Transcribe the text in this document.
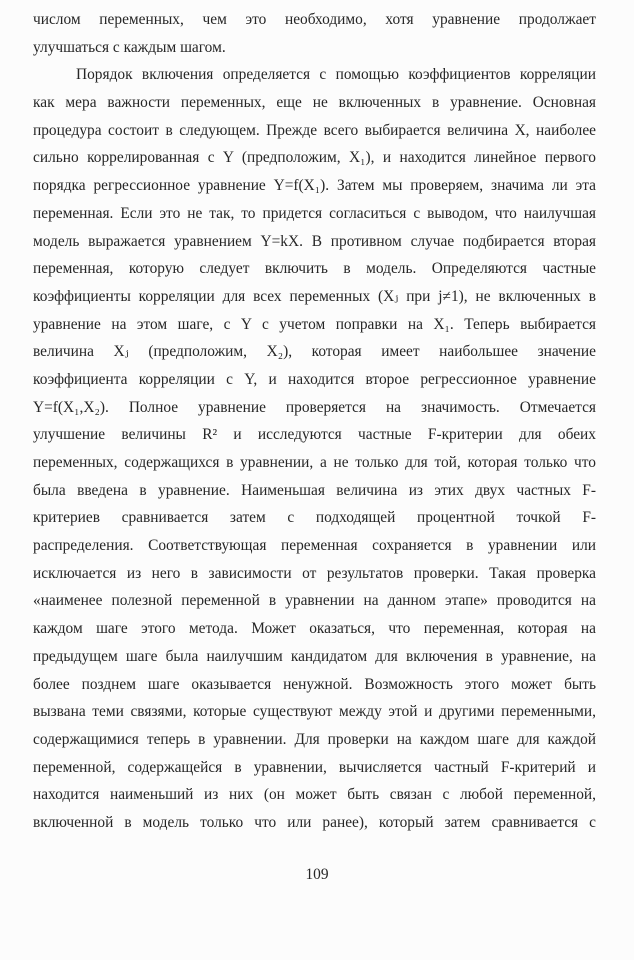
числом переменных, чем это необходимо, хотя уравнение продолжает
улучшаться с каждым шагом.
Порядок включения определяется с помощью коэффициентов корреляции
как мера важности переменных, еще не включенных в уравнение. Основная
процедура состоит в следующем. Прежде всего выбирается величина X, наиболее
сильно коррелированная с Y (предположим, X₁), и находится линейное первого
порядка регрессионное уравнение Y=f(X₁). Затем мы проверяем, значима ли эта
переменная. Если это не так, то придется согласиться с выводом, что наилучшая
модель выражается уравнением Y=kX. В противном случае подбирается вторая
переменная, которую следует включить в модель. Определяются частные
коэффициенты корреляции для всех переменных (Xⱼ при j≠1), не включенных в
уравнение на этом шаге, с Y с учетом поправки на X₁. Теперь выбирается
величина Xⱼ (предположим, X₂), которая имеет наибольшее значение
коэффициента корреляции с Y, и находится второе регрессионное уравнение
Y=f(X₁,X₂). Полное уравнение проверяется на значимость. Отмечается
улучшение величины R² и исследуются частные F-критерии для обеих
переменных, содержащихся в уравнении, а не только для той, которая только что
была введена в уравнение. Наименьшая величина из этих двух частных F-
критериев сравнивается затем с подходящей процентной точкой F-
распределения. Соответствующая переменная сохраняется в уравнении или
исключается из него в зависимости от результатов проверки. Такая проверка
«наименее полезной переменной в уравнении на данном этапе» проводится на
каждом шаге этого метода. Может оказаться, что переменная, которая на
предыдущем шаге была наилучшим кандидатом для включения в уравнение, на
более позднем шаге оказывается ненужной. Возможность этого может быть
вызвана теми связями, которые существуют между этой и другими переменными,
содержащимися теперь в уравнении. Для проверки на каждом шаге для каждой
переменной, содержащейся в уравнении, вычисляется частный F-критерий и
находится наименьший из них (он может быть связан с любой переменной,
включенной в модель только что или ранее), который затем сравнивается с
109
